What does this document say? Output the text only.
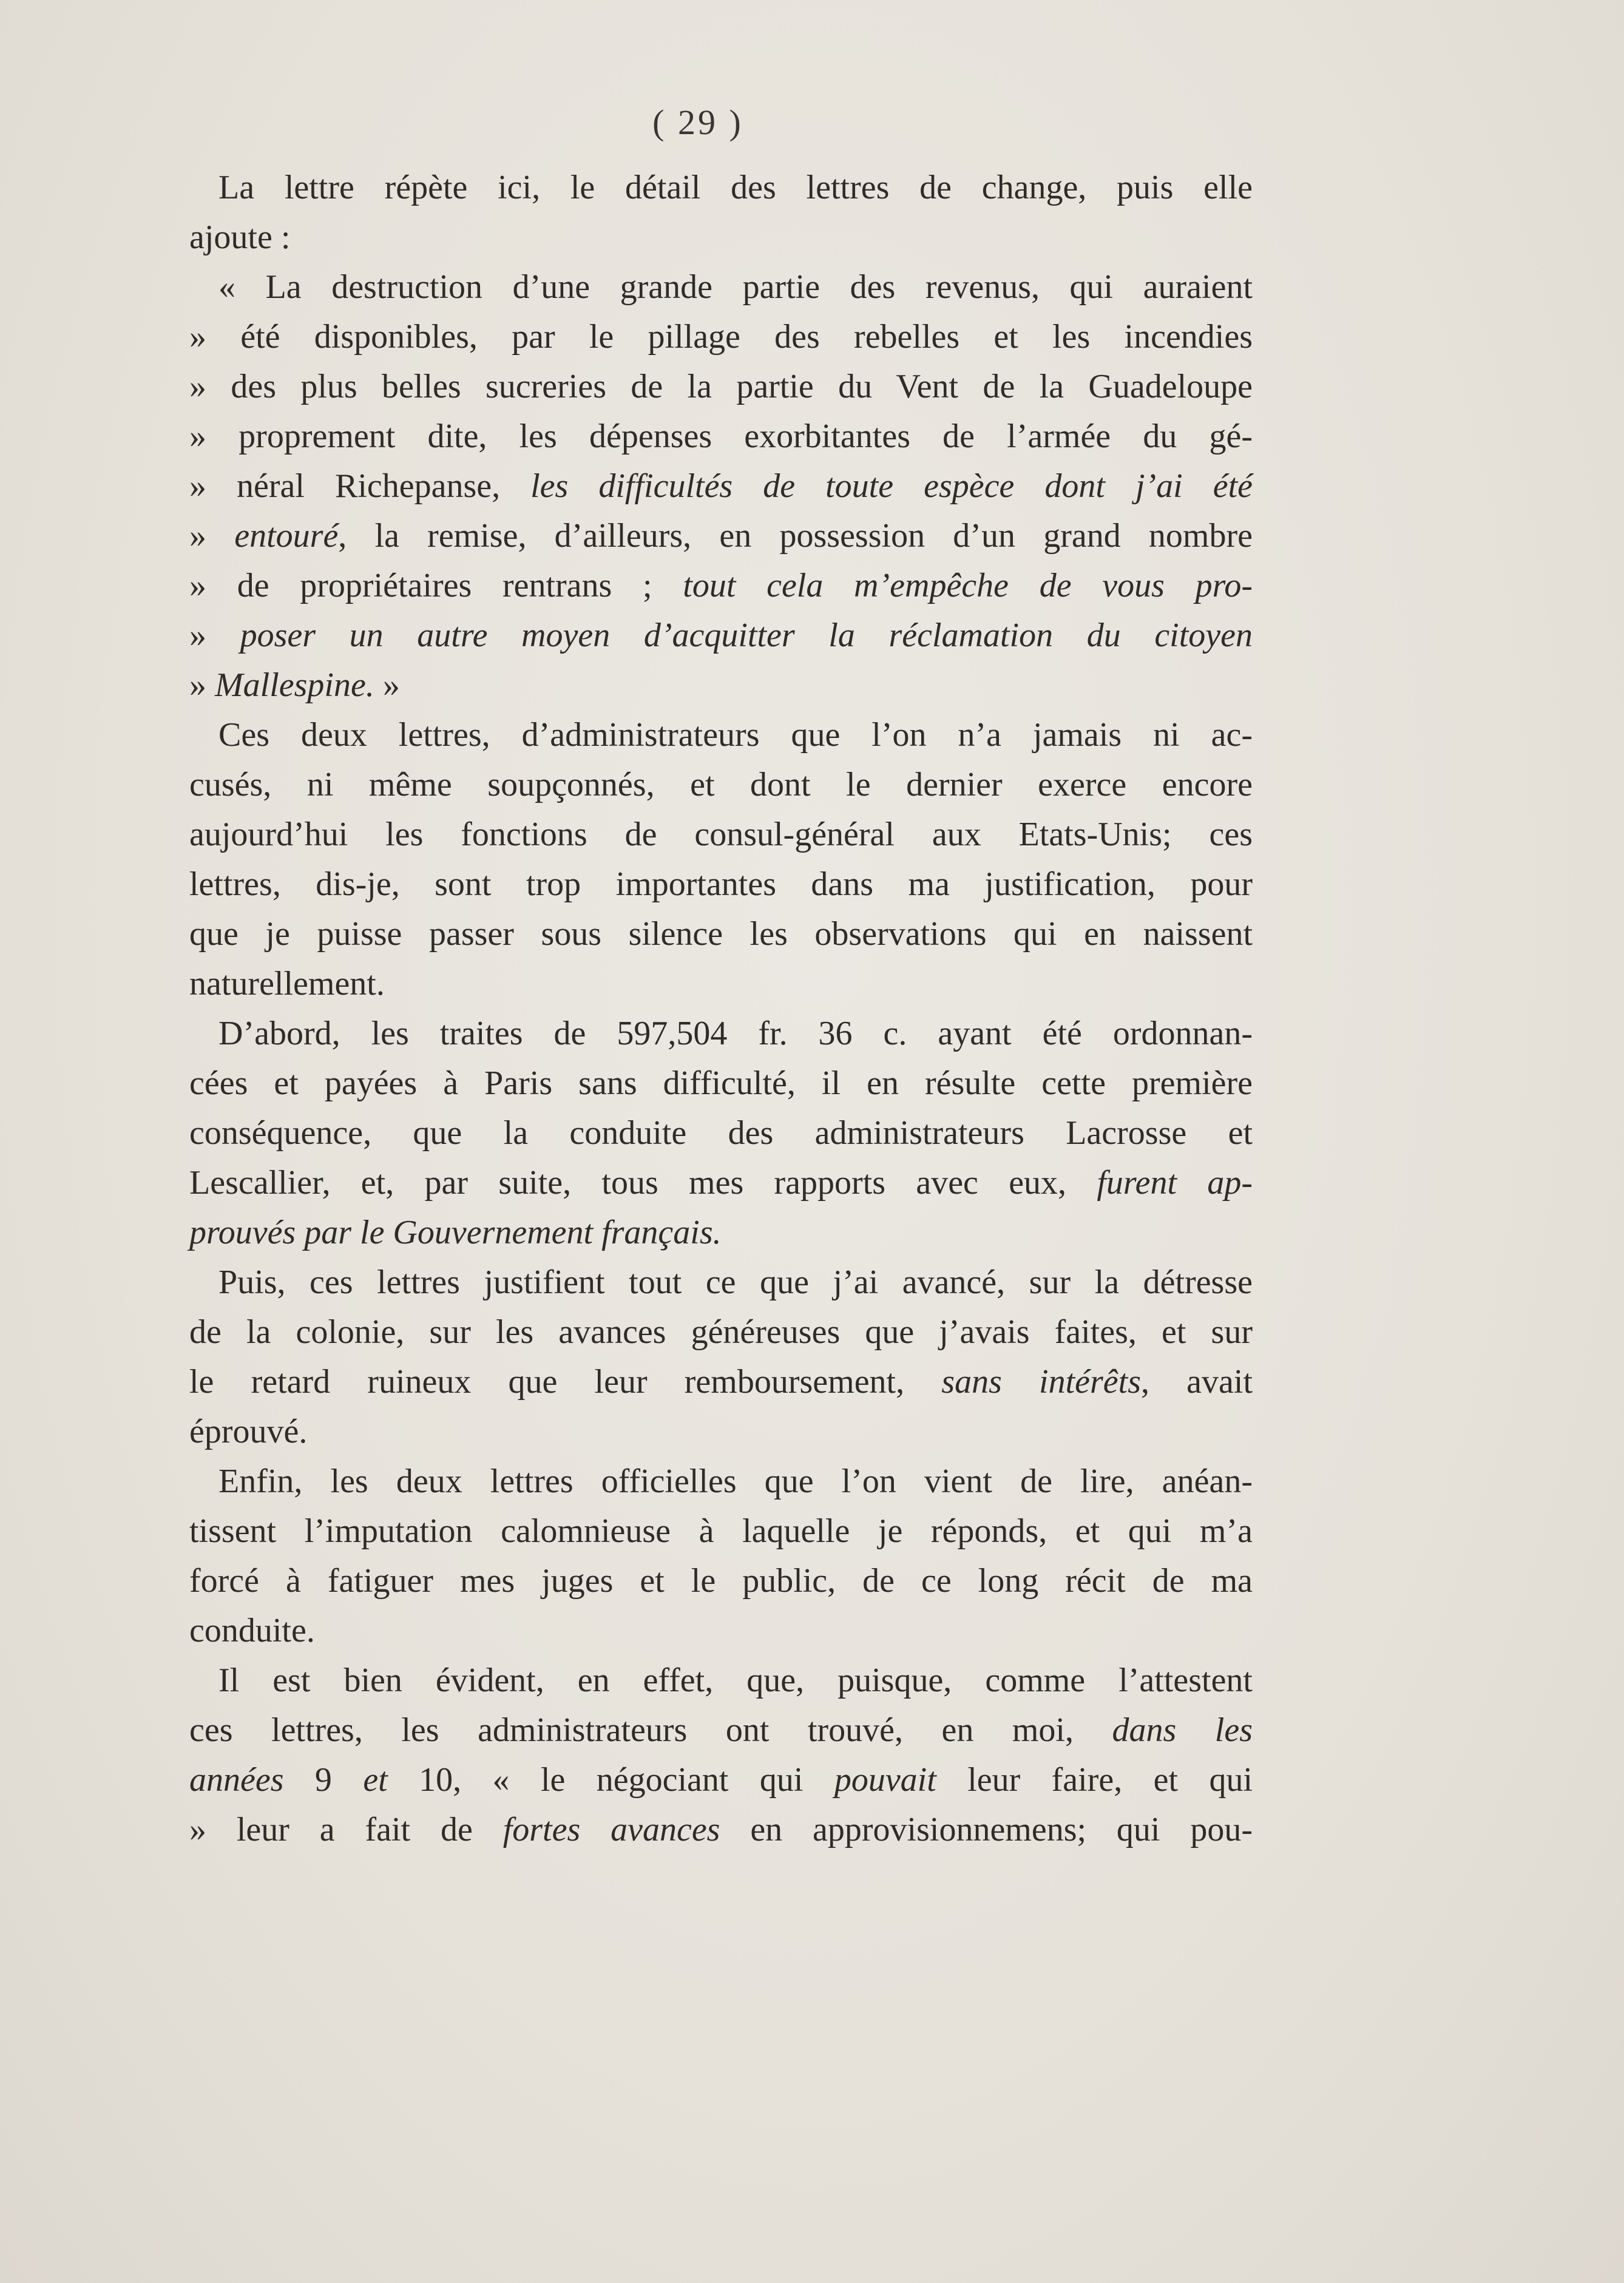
( 29 )
La lettre répète ici, le détail des lettres de change, puis elle
ajoute :
« La destruction d’une grande partie des revenus, qui auraient
» été disponibles, par le pillage des rebelles et les incendies
» des plus belles sucreries de la partie du Vent de la Guadeloupe
» proprement dite, les dépenses exorbitantes de l’armée du gé-
» néral Richepanse, les difficultés de toute espèce dont j’ai été
» entouré, la remise, d’ailleurs, en possession d’un grand nombre
» de propriétaires rentrans ; tout cela m’empêche de vous pro-
» poser un autre moyen d’acquitter la réclamation du citoyen
» Mallespine. »
Ces deux lettres, d’administrateurs que l’on n’a jamais ni ac-
cusés, ni même soupçonnés, et dont le dernier exerce encore
aujourd’hui les fonctions de consul-général aux Etats-Unis; ces
lettres, dis-je, sont trop importantes dans ma justification, pour
que je puisse passer sous silence les observations qui en naissent
naturellement.
D’abord, les traites de 597,504 fr. 36 c. ayant été ordonnan-
cées et payées à Paris sans difficulté, il en résulte cette première
conséquence, que la conduite des administrateurs Lacrosse et
Lescallier, et, par suite, tous mes rapports avec eux, furent ap-
prouvés par le Gouvernement français.
Puis, ces lettres justifient tout ce que j’ai avancé, sur la détresse
de la colonie, sur les avances généreuses que j’avais faites, et sur
le retard ruineux que leur remboursement, sans intérêts, avait
éprouvé.
Enfin, les deux lettres officielles que l’on vient de lire, anéan-
tissent l’imputation calomnieuse à laquelle je réponds, et qui m’a
forcé à fatiguer mes juges et le public, de ce long récit de ma
conduite.
Il est bien évident, en effet, que, puisque, comme l’attestent
ces lettres, les administrateurs ont trouvé, en moi, dans les
années 9 et 10, « le négociant qui pouvait leur faire, et qui
» leur a fait de fortes avances en approvisionnemens; qui pou-
